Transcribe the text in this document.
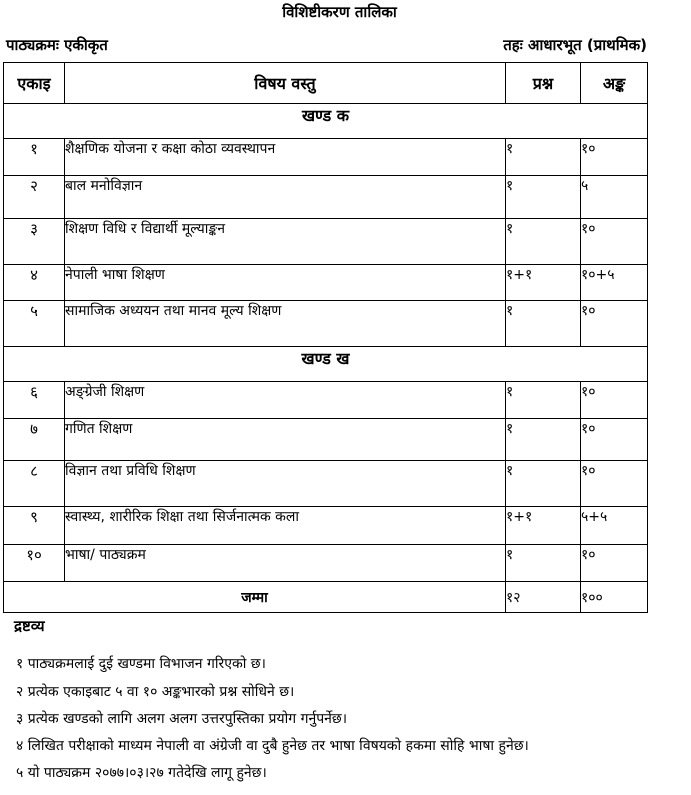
विशिष्टीकरण तालिका
पाठ्यक्रमः एकीकृत	तहः आधारभूत (प्राथमिक)
एकाइ	विषय वस्तु	प्रश्न	अङ्क
खण्ड क			
१	शैक्षणिक योजना र कक्षा कोठा व्यवस्थापन	१	१०
२	बाल मनोविज्ञान	१	५
३	शिक्षण विधि र विद्यार्थी मूल्याङ्कन	१	१०
४	नेपाली भाषा शिक्षण	१+१	१०+५
५	सामाजिक अध्ययन तथा मानव मूल्य शिक्षण	१	१०
खण्ड ख			
६	अङ्ग्रेजी शिक्षण	१	१०
७	गणित शिक्षण	१	१०
८	विज्ञान तथा प्रविधि शिक्षण	१	१०
९	स्वास्थ्य, शारीरिक शिक्षा तथा सिर्जनात्मक कला	१+१	५+५
१०	भाषा/ पाठ्यक्रम	१	१०
जम्मा		१२	१००
द्रष्टव्य
१ पाठ्यक्रमलाई दुई खण्डमा विभाजन गरिएको छ।
२ प्रत्येक एकाइबाट ५ वा १० अङ्कभारको प्रश्न सोधिने छ।
३ प्रत्येक खण्डको लागि अलग अलग उत्तरपुस्तिका प्रयोग गर्नुपर्नेछ।
४ लिखित परीक्षाको माध्यम नेपाली वा अंग्रेजी वा दुबै हुनेछ तर भाषा विषयको हकमा सोहि भाषा हुनेछ।
५ यो पाठ्यक्रम २०७७।०३।२७ गतेदेखि लागू हुनेछ।
